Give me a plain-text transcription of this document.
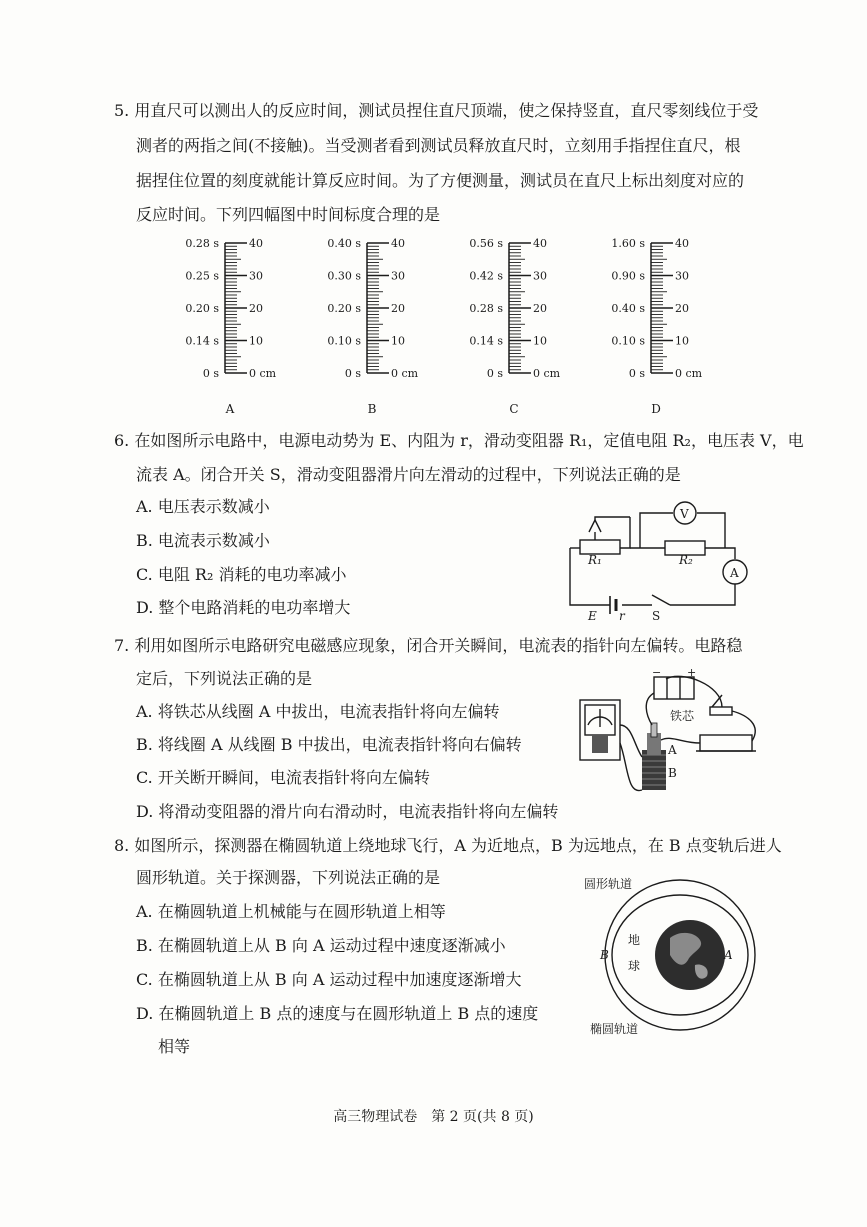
5. 用直尺可以测出人的反应时间，测试员捏住直尺顶端，使之保持竖直，直尺零刻线位于受
测者的两指之间(不接触)。当受测者看到测试员释放直尺时，立刻用手指捏住直尺，根
据捏住位置的刻度就能计算反应时间。为了方便测量，测试员在直尺上标出刻度对应的
反应时间。下列四幅图中时间标度合理的是
0.28 s	40
0.25 s	30
0.20 s	20
0.14 s	10
0 s	0 cm
A
0.40 s	40
0.30 s	30
0.20 s	20
0.10 s	10
0 s	0 cm
B
0.56 s	40
0.42 s	30
0.28 s	20
0.14 s	10
0 s	0 cm
C
1.60 s	40
0.90 s	30
0.40 s	20
0.10 s	10
0 s	0 cm
D
6. 在如图所示电路中，电源电动势为 E、内阻为 r，滑动变阻器 R₁，定值电阻 R₂，电压表 V，电
流表 A。闭合开关 S，滑动变阻器滑片向左滑动的过程中，下列说法正确的是
A. 电压表示数减小
B. 电流表示数减小
C. 电阻 R₂ 消耗的电功率减小
D. 整个电路消耗的电功率增大
R₁	R₂
V
A
E r S
7. 利用如图所示电路研究电磁感应现象，闭合开关瞬间，电流表的指针向左偏转。电路稳
定后，下列说法正确的是
A. 将铁芯从线圈 A 中拔出，电流表指针将向左偏转
B. 将线圈 A 从线圈 B 中拔出，电流表指针将向右偏转
C. 开关断开瞬间，电流表指针将向左偏转
D. 将滑动变阻器的滑片向右滑动时，电流表指针将向左偏转
− +
铁芯
A
B
8. 如图所示，探测器在椭圆轨道上绕地球飞行，A 为近地点，B 为远地点，在 B 点变轨后进人
圆形轨道。关于探测器，下列说法正确的是
A. 在椭圆轨道上机械能与在圆形轨道上相等
B. 在椭圆轨道上从 B 向 A 运动过程中速度逐渐减小
C. 在椭圆轨道上从 B 向 A 运动过程中加速度逐渐增大
D. 在椭圆轨道上 B 点的速度与在圆形轨道上 B 点的速度
相等
圆形轨道
椭圆轨道
地
球
B	A
高三物理试卷　第 2 页(共 8 页)
